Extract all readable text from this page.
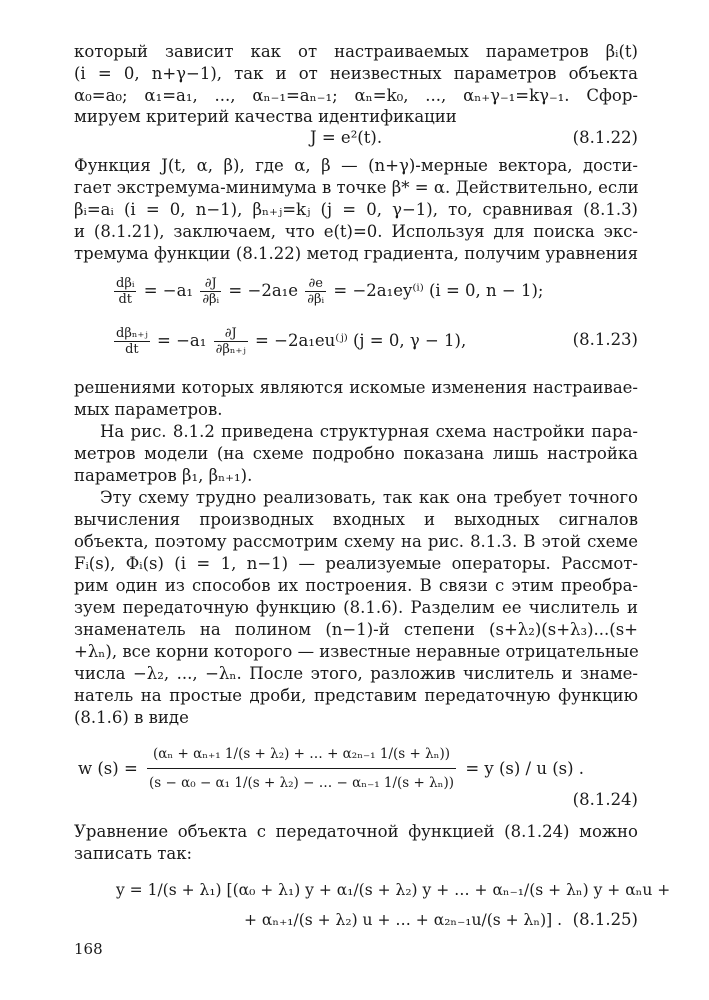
который зависит как от настраиваемых параметров βᵢ(t)
(i = 0, n+γ−1), так и от неизвестных параметров объекта
α₀=a₀; α₁=a₁, ..., αₙ₋₁=aₙ₋₁; αₙ=k₀, ..., αₙ₊γ₋₁=kγ₋₁. Сфор-
мируем критерий качества идентификации
J = e²(t).	(8.1.22)
Функция J(t, α, β), где α, β — (n+γ)-мерные вектора, дости-
гает экстремума-минимума в точке β* = α. Действительно, если
βᵢ=aᵢ (i = 0, n−1), βₙ₊ⱼ=kⱼ (j = 0, γ−1), то, сравнивая (8.1.3)
и (8.1.21), заключаем, что e(t)=0. Используя для поиска экс-
тремума функции (8.1.22) метод градиента, получим уравнения
$\frac{\text{dβᵢ}}{dt} = -a_1 \frac{\partial J}{\text{∂βᵢ}} = -2a_1e \frac{\partial e}{\text{∂βᵢ}} = -2a_1ey^{(i)}$ (i = 0, n − 1);
$\frac{\text{dβₙ₊ⱼ}}{dt} = -a_1 \frac{\partial J}{\text{∂βₙ₊ⱼ}}$ = −2a₁eu⁽ʲ⁾ (j = 0, γ − 1),	(8.1.23)
решениями которых являются искомые изменения настраивае-
мых параметров.
На рис. 8.1.2 приведена структурная схема настройки пара-
метров модели (на схеме подробно показана лишь настройка
параметров β₁, βₙ₊₁).
Эту схему трудно реализовать, так как она требует точного
вычисления производных входных и выходных сигналов
объекта, поэтому рассмотрим схему на рис. 8.1.3. В этой схеме
Fᵢ(s), Φᵢ(s) (i = 1, n−1) — реализуемые операторы. Рассмот-
рим один из способов их построения. В связи с этим преобра-
зуем передаточную функцию (8.1.6). Разделим ее числитель и
знаменатель на полином (n−1)-й степени (s+λ₂)(s+λ₃)...(s+
+λₙ), все корни которого — известные неравные отрицательные
числа −λ₂, ..., −λₙ. После этого, разложив числитель и знаме-
натель на простые дроби, представим передаточную функцию
(8.1.6) в виде
w $(s) = \frac{\text{(αₙ + αₙ₊₁ 1/(s + λ₂) + … + α₂ₙ₋₁ 1/(s + λₙ))}}{\text{(s − α₀ − α₁ 1/(s + λ₂) − … − αₙ₋₁ 1/(s + λₙ))}} = y$ (s) / u (s) .
(8.1.24)
Уравнение объекта с передаточной функцией (8.1.24) можно
записать так:
y = 1/(s + λ₁) [(α₀ + λ₁) y + α₁/(s + λ₂) y + … + αₙ₋₁/(s + λₙ) y + αₙu +
+ αₙ₊₁/(s + λ₂) u + … + α₂ₙ₋₁u/(s + λₙ)] . (8.1.25)
168
